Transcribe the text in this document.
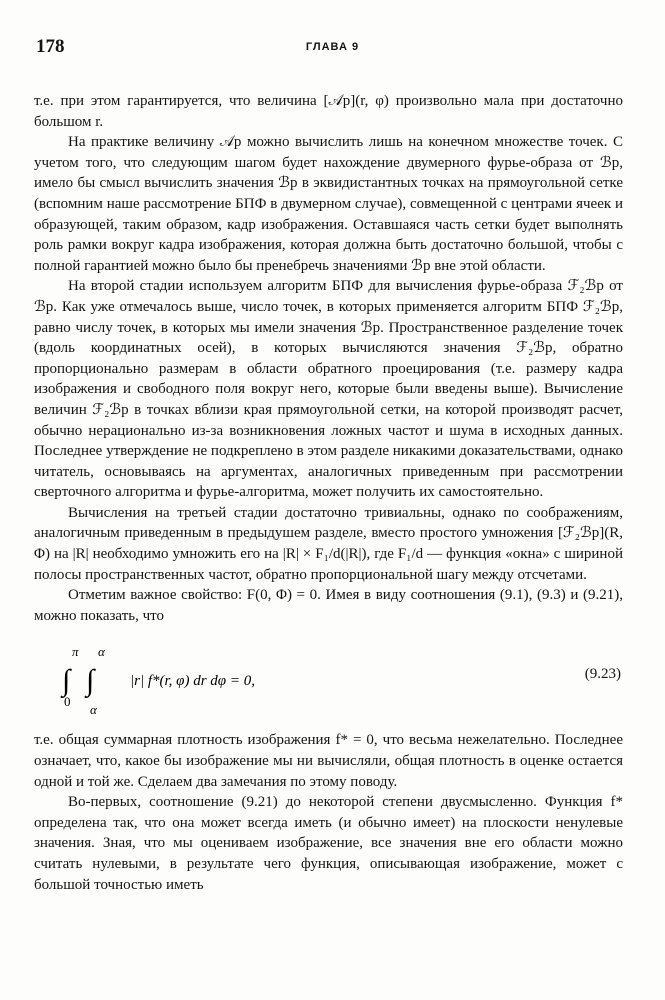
178	ГЛАВА 9

т.е. при этом гарантируется, что величина [𝒜p](r, φ) произвольно мала при достаточно большом r.

На практике величину 𝒜p можно вычислить лишь на конечном множестве точек. С учетом того, что следующим шагом будет нахождение двумерного фурье-образа от ℬp, имело бы смысл вычислить значения ℬp в эквидистантных точках на прямоугольной сетке (вспомним наше рассмотрение БПФ в двумерном случае), совмещенной с центрами ячеек и образующей, таким образом, кадр изображения. Оставшаяся часть сетки будет выполнять роль рамки вокруг кадра изображения, которая должна быть достаточно большой, чтобы с полной гарантией можно было бы пренебречь значениями ℬp вне этой области.

На второй стадии используем алгоритм БПФ для вычисления фурье-образа ℱ₂ℬp от ℬp. Как уже отмечалось выше, число точек, в которых применяется алгоритм БПФ ℱ₂ℬp, равно числу точек, в которых мы имели значения ℬp. Пространственное разделение точек (вдоль координатных осей), в которых вычисляются значения ℱ₂ℬp, обратно пропорционально размерам в области обратного проецирования (т.е. размеру кадра изображения и свободного поля вокруг него, которые были введены выше). Вычисление величин ℱ₂ℬp в точках вблизи края прямоугольной сетки, на которой производят расчет, обычно нерационально из-за возникновения ложных частот и шума в исходных данных. Последнее утверждение не подкреплено в этом разделе никакими доказательствами, однако читатель, основываясь на аргументах, аналогичных приведенным при рассмотрении сверточного алгоритма и фурье-алгоритма, может получить их самостоятельно.

Вычисления на третьей стадии достаточно тривиальны, однако по соображениям, аналогичным приведенным в предыдушем разделе, вместо простого умножения [ℱ₂ℬp](R, Φ) на |R| необходимо умножить его на |R| × F₁/d(|R|), где F₁/d — функция «окна» с шириной полосы пространственных частот, обратно пропорциональной шагу между отсчетами.

Отметим важное свойство: F(0, Φ) = 0. Имея в виду соотношения (9.1), (9.3) и (9.21), можно показать, что

π
∫
0
α
∫
α
|r| f*(r, φ) dr dφ = 0,	(9.23)

т.е. общая суммарная плотность изображения f* = 0, что весьма нежелательно. Последнее означает, что, какое бы изображение мы ни вычисляли, общая плотность в оценке остается одной и той же. Сделаем два замечания по этому поводу.

Во-первых, соотношение (9.21) до некоторой степени двусмысленно. Функция f* определена так, что она может всегда иметь (и обычно имеет) на плоскости ненулевые значения. Зная, что мы оцениваем изображение, все значения вне его области можно считать нулевыми, в результате чего функция, описывающая изображение, может с большой точностью иметь
